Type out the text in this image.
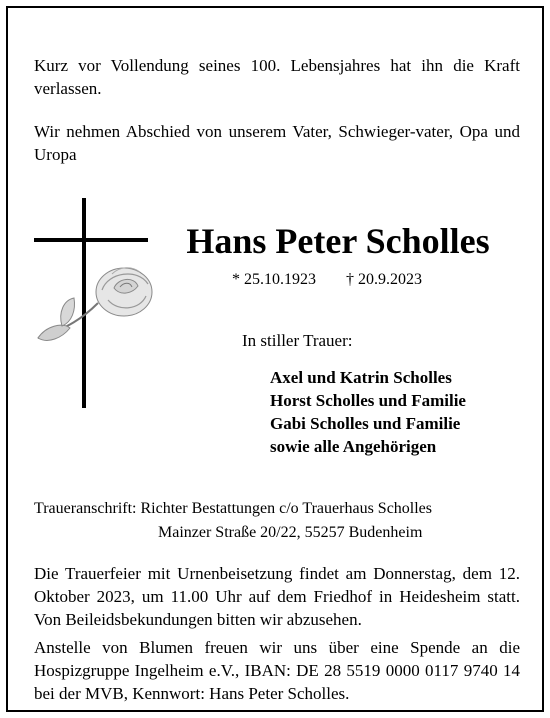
Kurz vor Vollendung seines 100. Lebensjahres hat ihn die Kraft verlassen.
Wir nehmen Abschied von unserem Vater, Schwieger-vater, Opa und Uropa
Hans Peter Scholles
* 25.10.1923 † 20.9.2023
In stiller Trauer:
Axel und Katrin Scholles
Horst Scholles und Familie
Gabi Scholles und Familie
sowie alle Angehörigen
Traueranschrift: Richter Bestattungen c/o Trauerhaus Scholles
Mainzer Straße 20/22, 55257 Budenheim
Die Trauerfeier mit Urnenbeisetzung findet am Donnerstag, dem 12. Oktober 2023, um 11.00 Uhr auf dem Friedhof in Heidesheim statt. Von Beileidsbekundungen bitten wir abzusehen.
Anstelle von Blumen freuen wir uns über eine Spende an die Hospizgruppe Ingelheim e.V., IBAN: DE 28 5519 0000 0117 9740 14 bei der MVB, Kennwort: Hans Peter Scholles.
